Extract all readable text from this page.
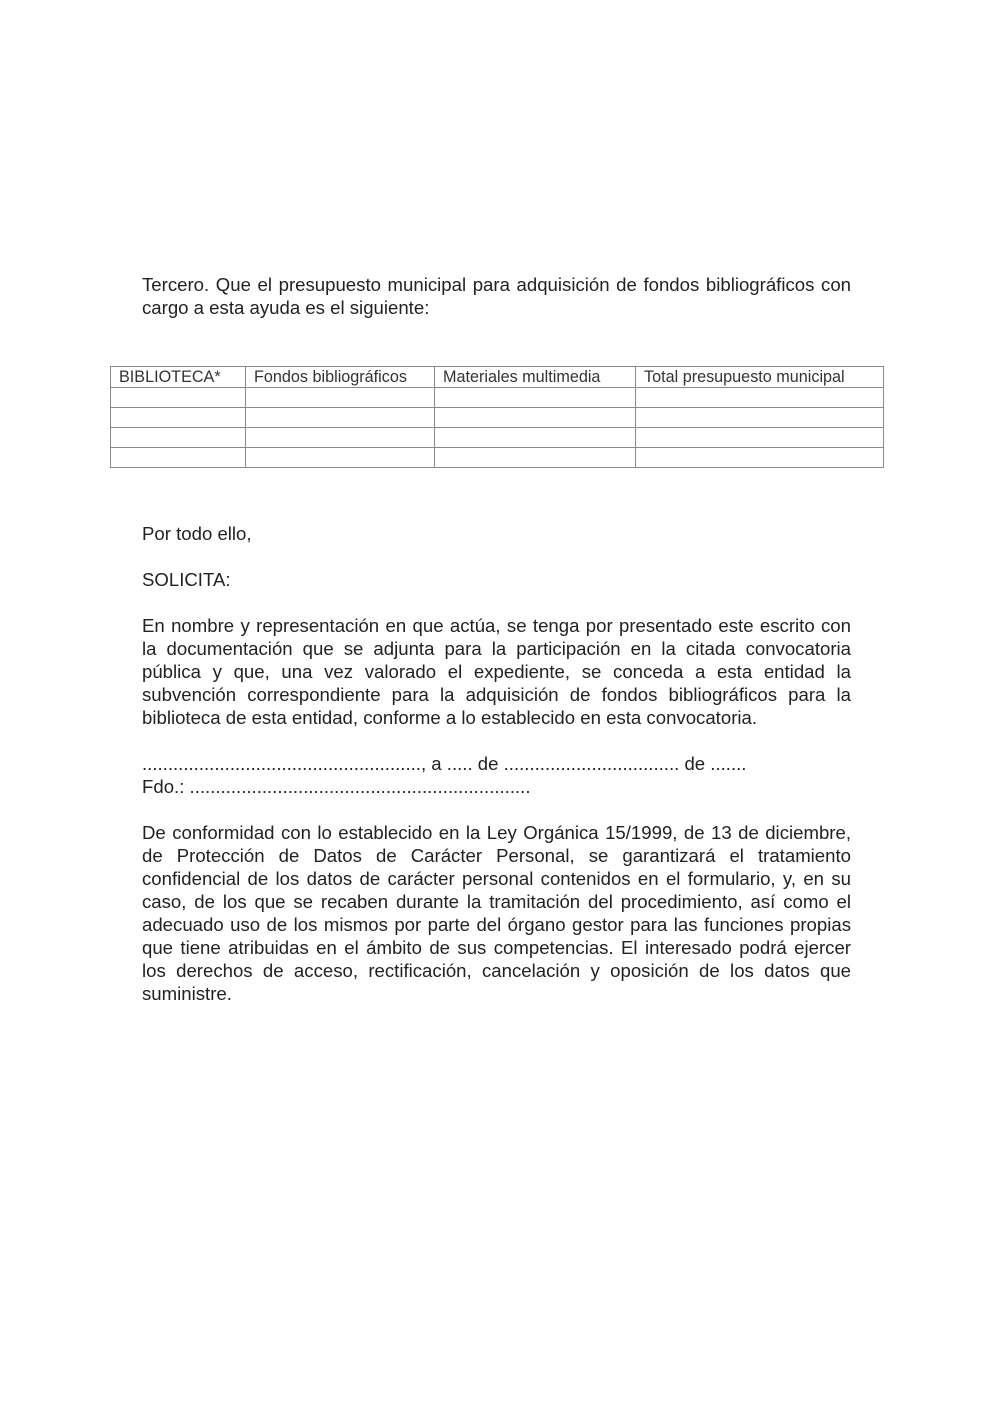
Tercero. Que el presupuesto municipal para adquisición de fondos bibliográficos con cargo a esta ayuda es el siguiente:
BIBLIOTECA*	Fondos bibliográficos	Materiales multimedia	Total presupuesto municipal

Por todo ello,
SOLICITA:
En nombre y representación en que actúa, se tenga por presentado este escrito con la documentación que se adjunta para la participación en la citada convocatoria pública y que, una vez valorado el expediente, se conceda a esta entidad la subvención correspondiente para la adquisición de fondos bibliográficos para la biblioteca de esta entidad, conforme a lo establecido en esta convocatoria.
......................................................, a ..... de .................................. de .......
Fdo.: ..................................................................
De conformidad con lo establecido en la Ley Orgánica 15/1999, de 13 de diciembre, de Protección de Datos de Carácter Personal, se garantizará el tratamiento confidencial de los datos de carácter personal contenidos en el formulario, y, en su caso, de los que se recaben durante la tramitación del procedimiento, así como el adecuado uso de los mismos por parte del órgano gestor para las funciones propias que tiene atribuidas en el ámbito de sus competencias. El interesado podrá ejercer los derechos de acceso, rectificación, cancelación y oposición de los datos que suministre.
